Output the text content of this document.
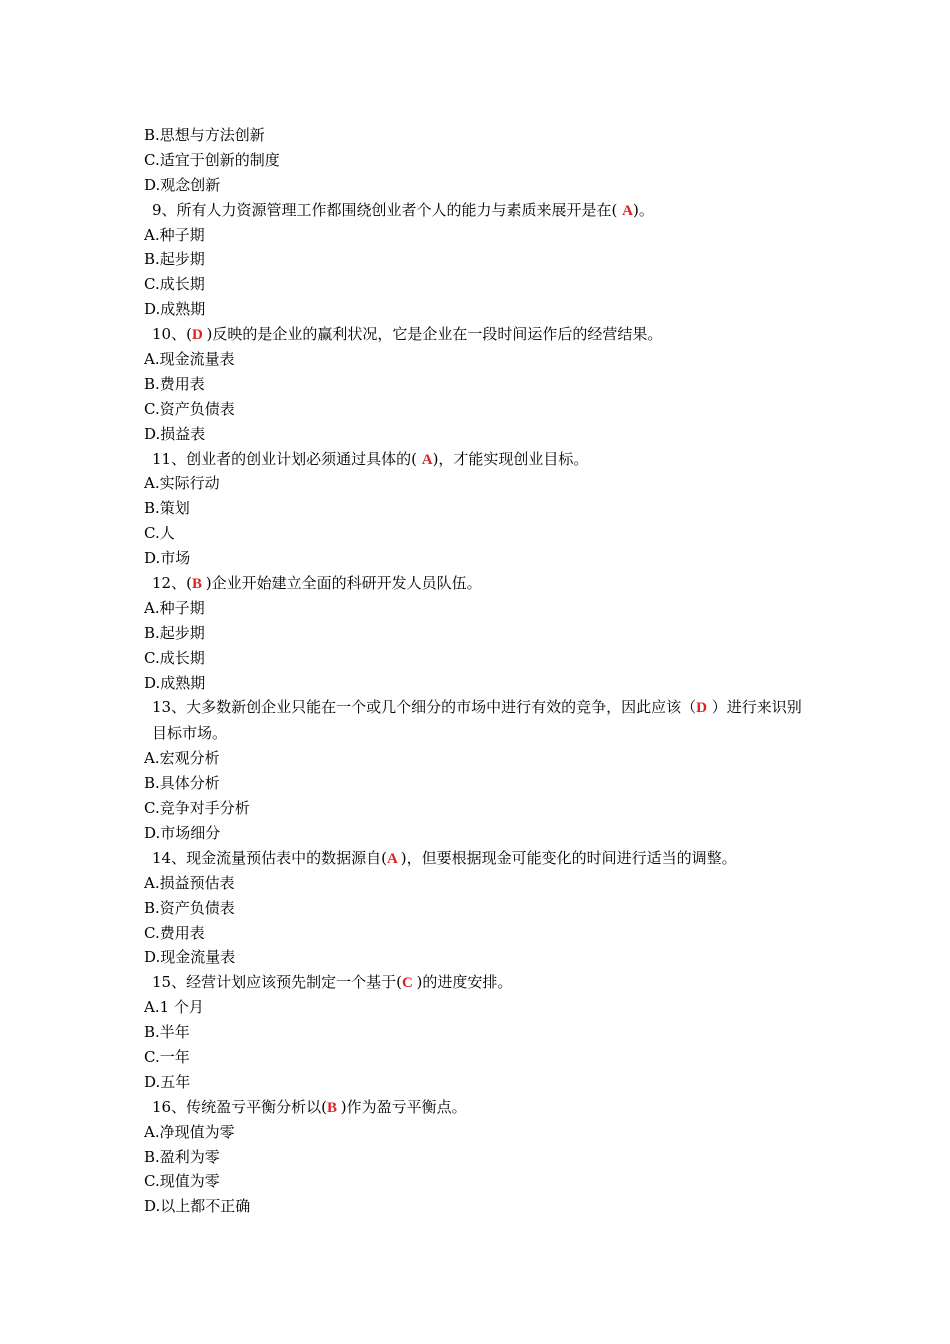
B.思想与方法创新
C.适宜于创新的制度
D.观念创新
9、所有人力资源管理工作都围绕创业者个人的能力与素质来展开是在( A)。
A.种子期
B.起步期
C.成长期
D.成熟期
10、(D )反映的是企业的赢利状况，它是企业在一段时间运作后的经营结果。
A.现金流量表
B.费用表
C.资产负债表
D.损益表
11、创业者的创业计划必须通过具体的( A)，才能实现创业目标。
A.实际行动
B.策划
C.人
D.市场
12、(B )企业开始建立全面的科研开发人员队伍。
A.种子期
B.起步期
C.成长期
D.成熟期
13、大多数新创企业只能在一个或几个细分的市场中进行有效的竞争，因此应该（D ）进行来识别目标市场。
A.宏观分析
B.具体分析
C.竞争对手分析
D.市场细分
14、现金流量预估表中的数据源自(A )，但要根据现金可能变化的时间进行适当的调整。
A.损益预估表
B.资产负债表
C.费用表
D.现金流量表
15、经营计划应该预先制定一个基于(C )的进度安排。
A.1 个月
B.半年
C.一年
D.五年
16、传统盈亏平衡分析以(B )作为盈亏平衡点。
A.净现值为零
B.盈利为零
C.现值为零
D.以上都不正确
